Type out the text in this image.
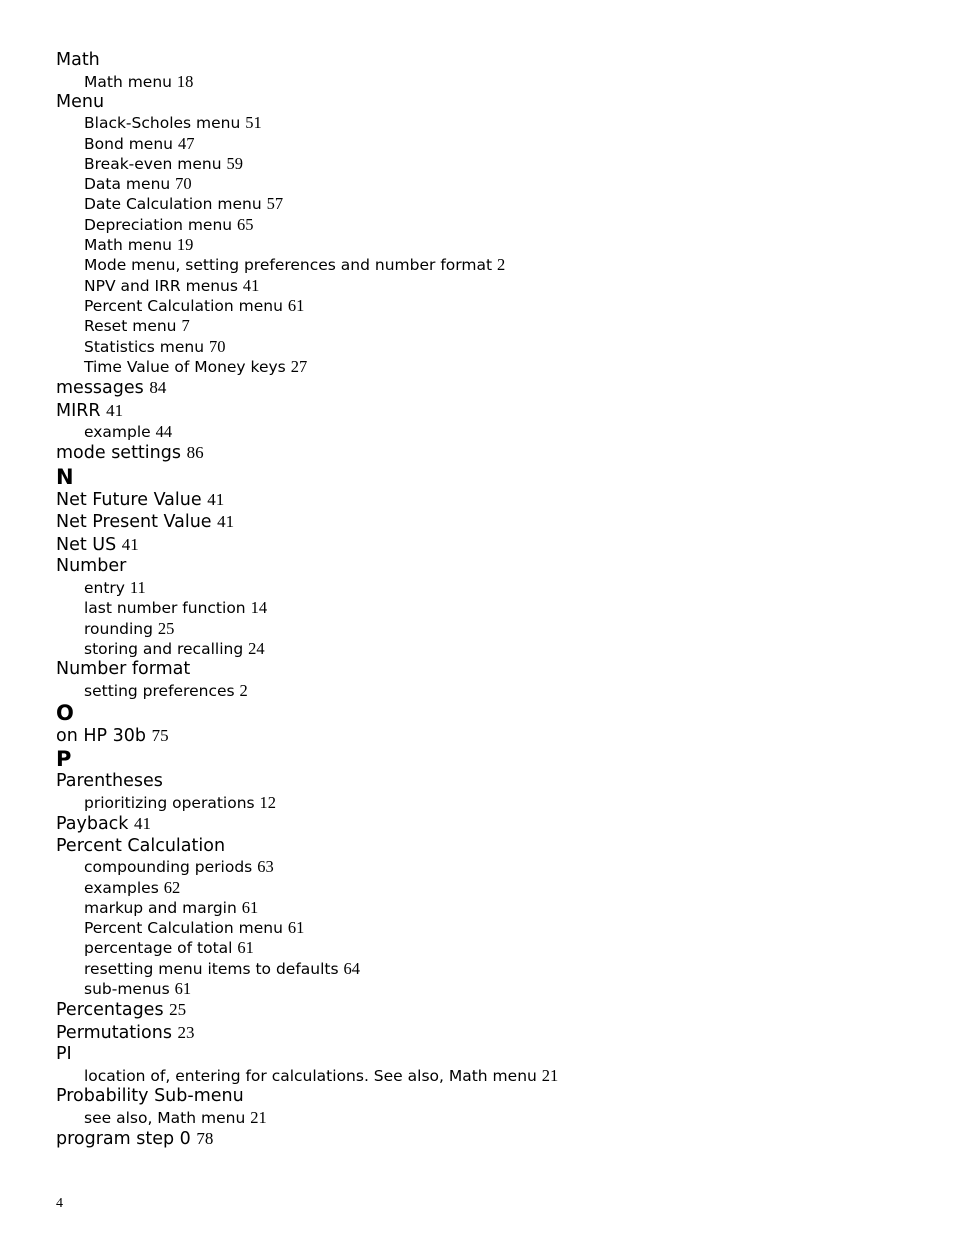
Math
Math menu 18
Menu
Black-Scholes menu 51
Bond menu 47
Break-even menu 59
Data menu 70
Date Calculation menu 57
Depreciation menu 65
Math menu 19
Mode menu, setting preferences and number format 2
NPV and IRR menus 41
Percent Calculation menu 61
Reset menu 7
Statistics menu 70
Time Value of Money keys 27
messages 84
MIRR 41
example 44
mode settings 86
N
Net Future Value 41
Net Present Value 41
Net US 41
Number
entry 11
last number function 14
rounding 25
storing and recalling 24
Number format
setting preferences 2
O
on HP 30b 75
P
Parentheses
prioritizing operations 12
Payback 41
Percent Calculation
compounding periods 63
examples 62
markup and margin 61
Percent Calculation menu 61
percentage of total 61
resetting menu items to defaults 64
sub-menus 61
Percentages 25
Permutations 23
PI
location of, entering for calculations. See also, Math menu 21
Probability Sub-menu
see also, Math menu 21
program step 0 78
4
